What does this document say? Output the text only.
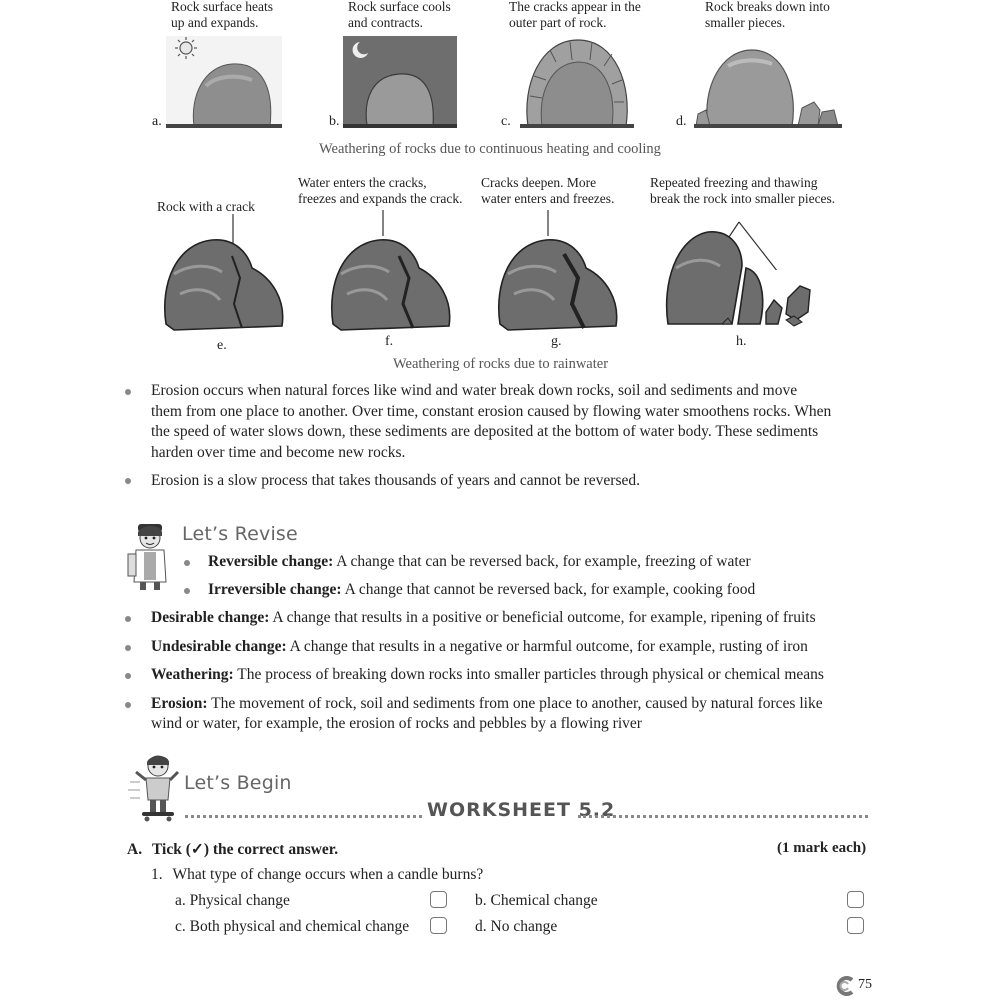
Rock surface heats
up and expands.
Rock surface cools
and contracts.
The cracks appear in the
outer part of rock.
Rock breaks down into
smaller pieces.
a.	b.	c.	d.
Weathering of rocks due to continuous heating and cooling
Rock with a crack
Water enters the cracks,
freezes and expands the crack.
Cracks deepen. More
water enters and freezes.
Repeated freezing and thawing
break the rock into smaller pieces.
e.	f.	g.	h.
Weathering of rocks due to rainwater
Erosion occurs when natural forces like wind and water break down rocks, soil and sediments and move
them from one place to another. Over time, constant erosion caused by flowing water smoothens rocks. When
the speed of water slows down, these sediments are deposited at the bottom of water body. These sediments
harden over time and become new rocks.
Erosion is a slow process that takes thousands of years and cannot be reversed.
Let’s Revise
Reversible change: A change that can be reversed back, for example, freezing of water
Irreversible change: A change that cannot be reversed back, for example, cooking food
Desirable change: A change that results in a positive or beneficial outcome, for example, ripening of fruits
Undesirable change: A change that results in a negative or harmful outcome, for example, rusting of iron
Weathering: The process of breaking down rocks into smaller particles through physical or chemical means
Erosion: The movement of rock, soil and sediments from one place to another, caused by natural forces like
wind or water, for example, the erosion of rocks and pebbles by a flowing river
Let’s Begin
WORKSHEET 5.2
A. Tick (✓) the correct answer.	(1 mark each)
1. What type of change occurs when a candle burns?
a. Physical change	b. Chemical change
c. Both physical and chemical change	d. No change
75
